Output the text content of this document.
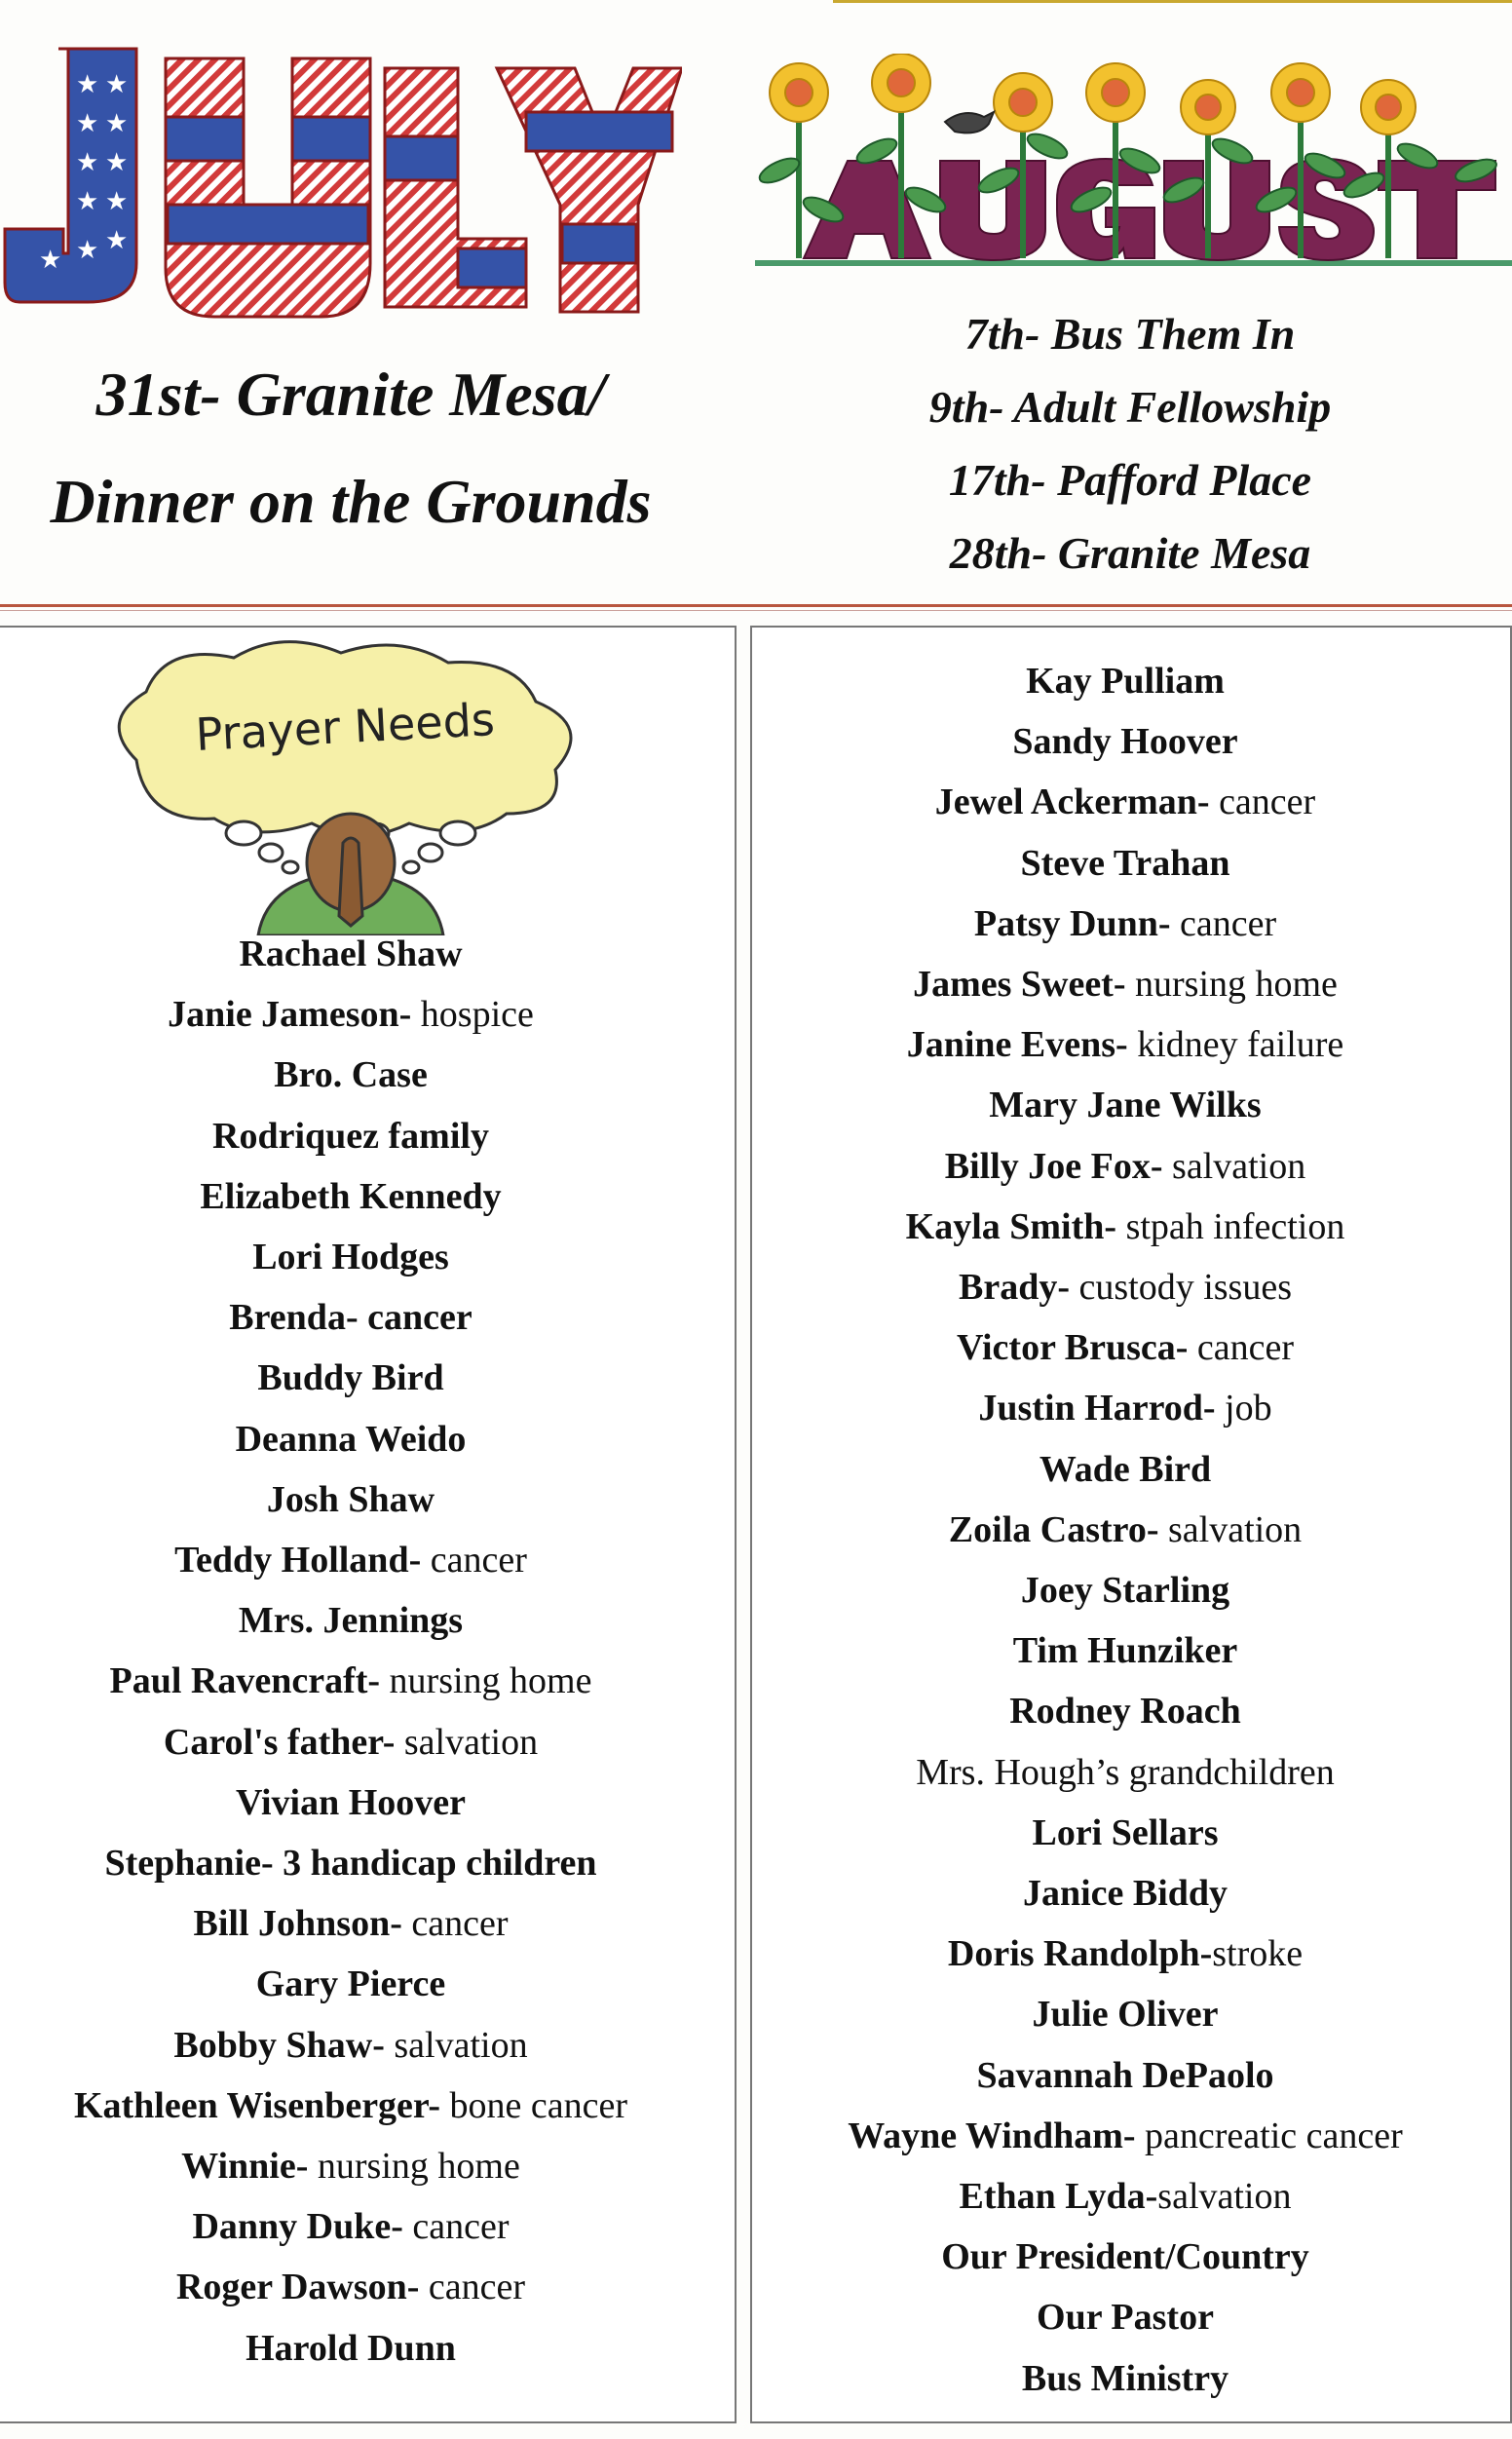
★ ★
★ ★
★ ★
★ ★
★ ★ ★
31st- Granite Mesa/
Dinner on the Grounds
7th- Bus Them In
9th- Adult Fellowship
17th- Pafford Place
28th- Granite Mesa
Prayer Needs
Rachael Shaw
Janie Jameson- hospice
Bro. Case
Rodriquez family
Elizabeth Kennedy
Lori Hodges
Brenda- cancer
Buddy Bird
Deanna Weido
Josh Shaw
Teddy Holland- cancer
Mrs. Jennings
Paul Ravencraft- nursing home
Carol's father- salvation
Vivian Hoover
Stephanie- 3 handicap children
Bill Johnson- cancer
Gary Pierce
Bobby Shaw- salvation
Kathleen Wisenberger- bone cancer
Winnie- nursing home
Danny Duke- cancer
Roger Dawson- cancer
Harold Dunn
Kay Pulliam
Sandy Hoover
Jewel Ackerman- cancer
Steve Trahan
Patsy Dunn- cancer
James Sweet- nursing home
Janine Evens- kidney failure
Mary Jane Wilks
Billy Joe Fox- salvation
Kayla Smith- stpah infection
Brady- custody issues
Victor Brusca- cancer
Justin Harrod- job
Wade Bird
Zoila Castro- salvation
Joey Starling
Tim Hunziker
Rodney Roach
Mrs. Hough’s grandchildren
Lori Sellars
Janice Biddy
Doris Randolph-stroke
Julie Oliver
Savannah DePaolo
Wayne Windham- pancreatic cancer
Ethan Lyda-salvation
Our President/Country
Our Pastor
Bus Ministry
